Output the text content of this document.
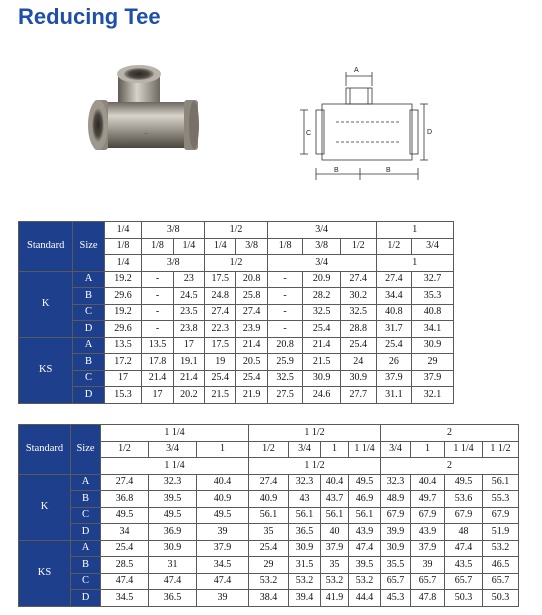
Reducing Tee
~
A
D
C
B	B
Standard	Size	1/4	3/8		1/2		3/4			1	
		1/8	1/8	1/4	1/4	3/8	1/8	3/8	1/2	1/2	3/4
		1/4	3/8		1/2		3/4			1	
K	A	19.2	-	23	17.5	20.8	-	20.9	27.4	27.4	32.7
	B	29.6	-	24.5	24.8	25.8	-	28.2	30.2	34.4	35.3
	C	19.2	-	23.5	27.4	27.4	-	32.5	32.5	40.8	40.8
	D	29.6	-	23.8	22.3	23.9	-	25.4	28.8	31.7	34.1
KS	A	13.5	13.5	17	17.5	21.4	20.8	21.4	25.4	25.4	30.9
	B	17.2	17.8	19.1	19	20.5	25.9	21.5	24	26	29
	C	17	21.4	21.4	25.4	25.4	32.5	30.9	30.9	37.9	37.9
	D	15.3	17	20.2	21.5	21.9	27.5	24.6	27.7	31.1	32.1
Standard	Size	1 1/4			1 1/2				2			
		1/2	3/4	1	1/2	3/4	1	1 1/4	3/4	1	1 1/4	1 1/2
		1 1/4			1 1/2				2			
K	A	27.4	32.3	40.4	27.4	32.3	40.4	49.5	32.3	40.4	49.5	56.1
	B	36.8	39.5	40.9	40.9	43	43.7	46.9	48.9	49.7	53.6	55.3
	C	49.5	49.5	49.5	56.1	56.1	56.1	56.1	67.9	67.9	67.9	67.9
	D	34	36.9	39	35	36.5	40	43.9	39.9	43.9	48	51.9
KS	A	25.4	30.9	37.9	25.4	30.9	37.9	47.4	30.9	37.9	47.4	53.2
	B	28.5	31	34.5	29	31.5	35	39.5	35.5	39	43.5	46.5
	C	47.4	47.4	47.4	53.2	53.2	53.2	53.2	65.7	65.7	65.7	65.7
	D	34.5	36.5	39	38.4	39.4	41.9	44.4	45.3	47.8	50.3	50.3
